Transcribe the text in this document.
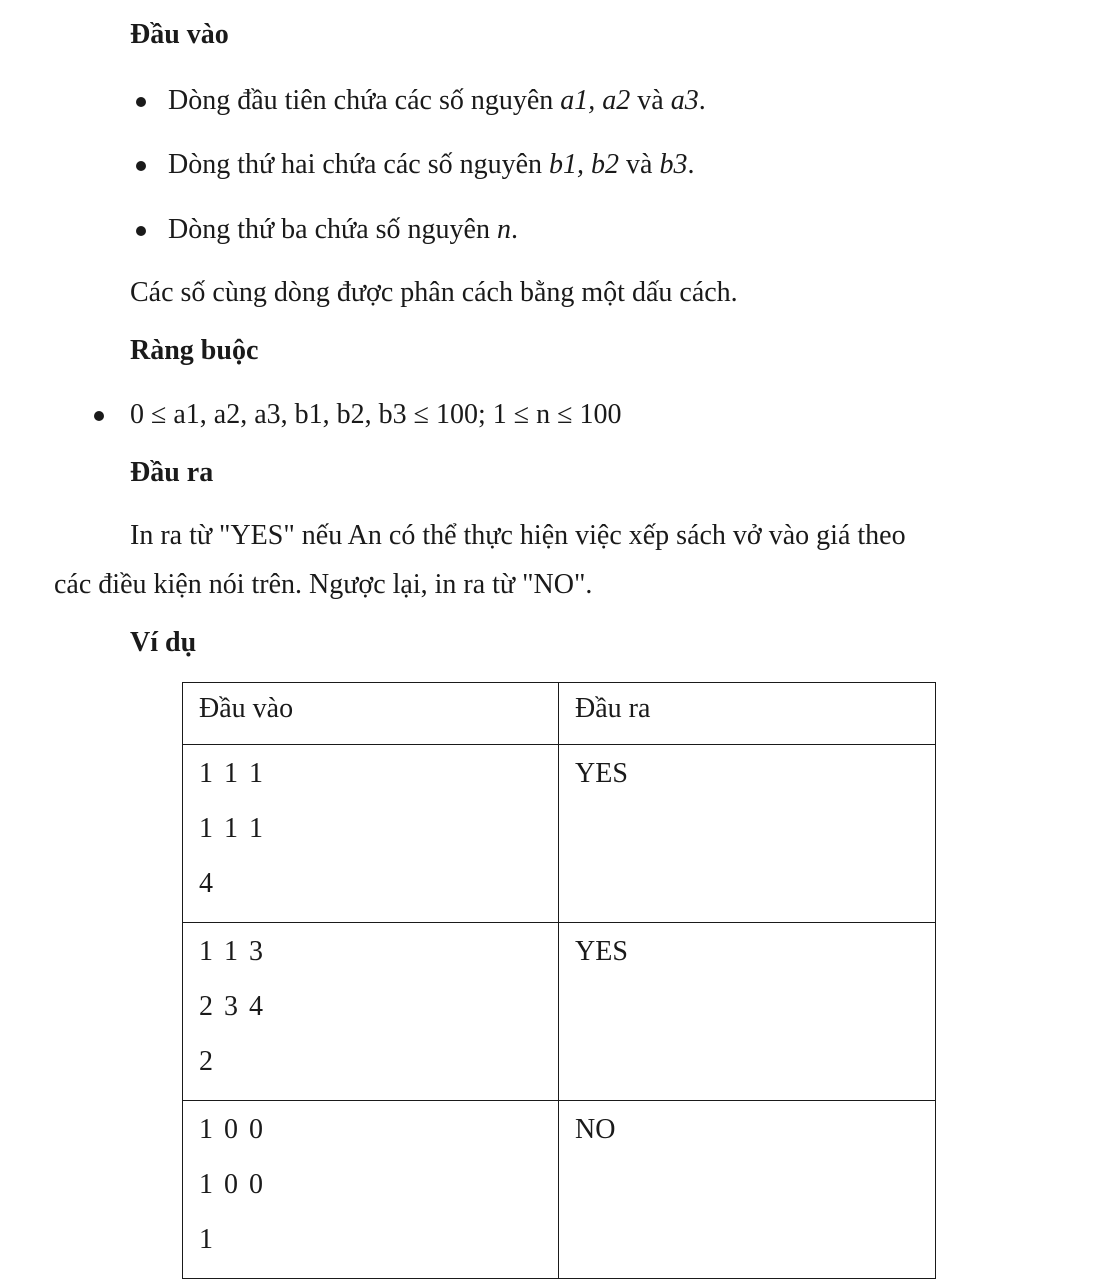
Đầu vào
Dòng đầu tiên chứa các số nguyên a1, a2 và a3.
Dòng thứ hai chứa các số nguyên b1, b2 và b3.
Dòng thứ ba chứa số nguyên n.
Các số cùng dòng được phân cách bằng một dấu cách.
Ràng buộc
0 ≤ a1, a2, a3, b1, b2, b3 ≤ 100; 1 ≤ n ≤ 100
Đầu ra
In ra từ "YES" nếu An có thể thực hiện việc xếp sách vở vào giá theo
các điều kiện nói trên. Ngược lại, in ra từ "NO".
Ví dụ
Đầu vào	Đầu ra

1 1 1
1 1 1
4	YES

1 1 3
2 3 4
2	YES

1 0 0
1 0 0
1	NO
